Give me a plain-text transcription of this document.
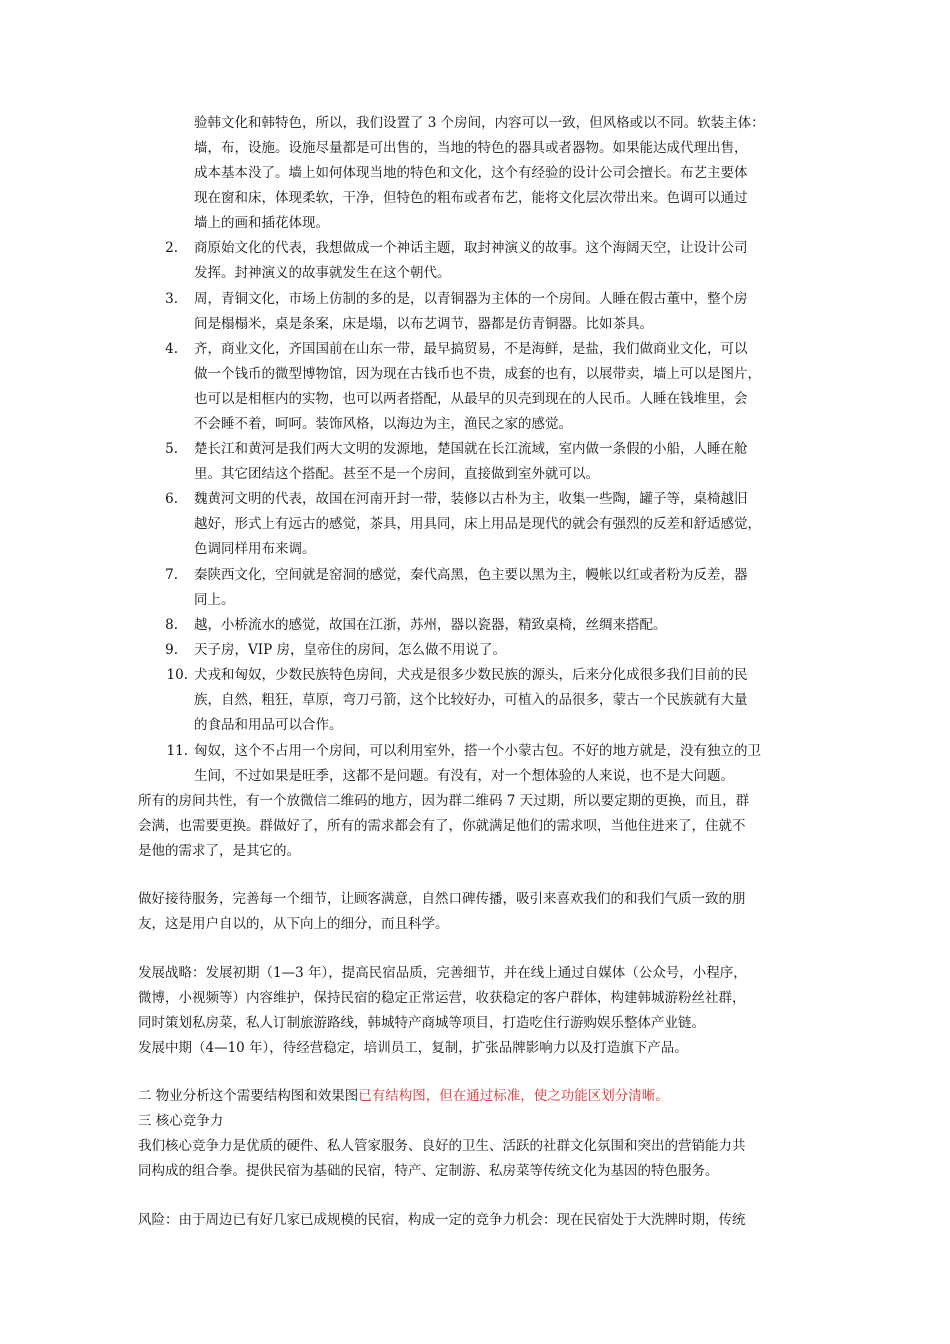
验韩文化和韩特色，所以，我们设置了 3 个房间，内容可以一致，但风格或以不同。软装主体：
墙，布，设施。设施尽量都是可出售的，当地的特色的器具或者器物。如果能达成代理出售，
成本基本没了。墙上如何体现当地的特色和文化，这个有经验的设计公司会擅长。布艺主要体
现在窗和床，体现柔软，干净，但特色的粗布或者布艺，能将文化层次带出来。色调可以通过
墙上的画和插花体现。
2. 商原始文化的代表，我想做成一个神话主题，取封神演义的故事。这个海阔天空，让设计公司
发挥。封神演义的故事就发生在这个朝代。
3. 周，青铜文化，市场上仿制的多的是，以青铜器为主体的一个房间。人睡在假古董中，整个房
间是榻榻米，桌是条案，床是塌，以布艺调节，器都是仿青铜器。比如茶具。
4. 齐，商业文化，齐国国前在山东一带，最早搞贸易，不是海鲜，是盐，我们做商业文化，可以
做一个钱币的微型博物馆，因为现在古钱币也不贵，成套的也有，以展带卖，墙上可以是图片，
也可以是相框内的实物，也可以两者搭配，从最早的贝壳到现在的人民币。人睡在钱堆里，会
不会睡不着，呵呵。装饰风格，以海边为主，渔民之家的感觉。
5. 楚长江和黄河是我们两大文明的发源地，楚国就在长江流域，室内做一条假的小船，人睡在舱
里。其它团结这个搭配。甚至不是一个房间，直接做到室外就可以。
6. 魏黄河文明的代表，故国在河南开封一带，装修以古朴为主，收集一些陶，罐子等，桌椅越旧
越好，形式上有远古的感觉，茶具，用具同，床上用品是现代的就会有强烈的反差和舒适感觉，
色调同样用布来调。
7. 秦陕西文化，空间就是窑洞的感觉，秦代高黑，色主要以黑为主，幔帐以红或者粉为反差，器
同上。
8. 越，小桥流水的感觉，故国在江浙，苏州，器以瓷器，精致桌椅，丝绸来搭配。
9. 天子房，VIP 房，皇帝住的房间，怎么做不用说了。
10. 犬戎和匈奴，少数民族特色房间，犬戎是很多少数民族的源头，后来分化成很多我们目前的民
族，自然，粗狂，草原，弯刀弓箭，这个比较好办，可植入的品很多，蒙古一个民族就有大量
的食品和用品可以合作。
11. 匈奴，这个不占用一个房间，可以利用室外，搭一个小蒙古包。不好的地方就是，没有独立的卫
生间，不过如果是旺季，这都不是问题。有没有，对一个想体验的人来说，也不是大问题。
所有的房间共性，有一个放微信二维码的地方，因为群二维码 7 天过期，所以要定期的更换，而且，群
会满，也需要更换。群做好了，所有的需求都会有了，你就满足他们的需求呗，当他住进来了，住就不
是他的需求了，是其它的。
做好接待服务，完善每一个细节，让顾客满意，自然口碑传播，吸引来喜欢我们的和我们气质一致的朋
友，这是用户自以的，从下向上的细分，而且科学。
发展战略：发展初期（1—3 年），提高民宿品质，完善细节，并在线上通过自媒体（公众号，小程序，
微博，小视频等）内容维护，保持民宿的稳定正常运营，收获稳定的客户群体，构建韩城游粉丝社群，
同时策划私房菜，私人订制旅游路线，韩城特产商城等项目，打造吃住行游购娱乐整体产业链。
发展中期（4—10 年），待经营稳定，培训员工，复制，扩张品牌影响力以及打造旗下产品。
二 物业分析这个需要结构图和效果图已有结构图，但在通过标准，使之功能区划分清晰。
三 核心竞争力
我们核心竞争力是优质的硬件、私人管家服务、良好的卫生、活跃的社群文化氛围和突出的营销能力共
同构成的组合拳。提供民宿为基础的民宿，特产、定制游、私房菜等传统文化为基因的特色服务。
风险：由于周边已有好几家已成规模的民宿，构成一定的竞争力机会：现在民宿处于大洗牌时期，传统
